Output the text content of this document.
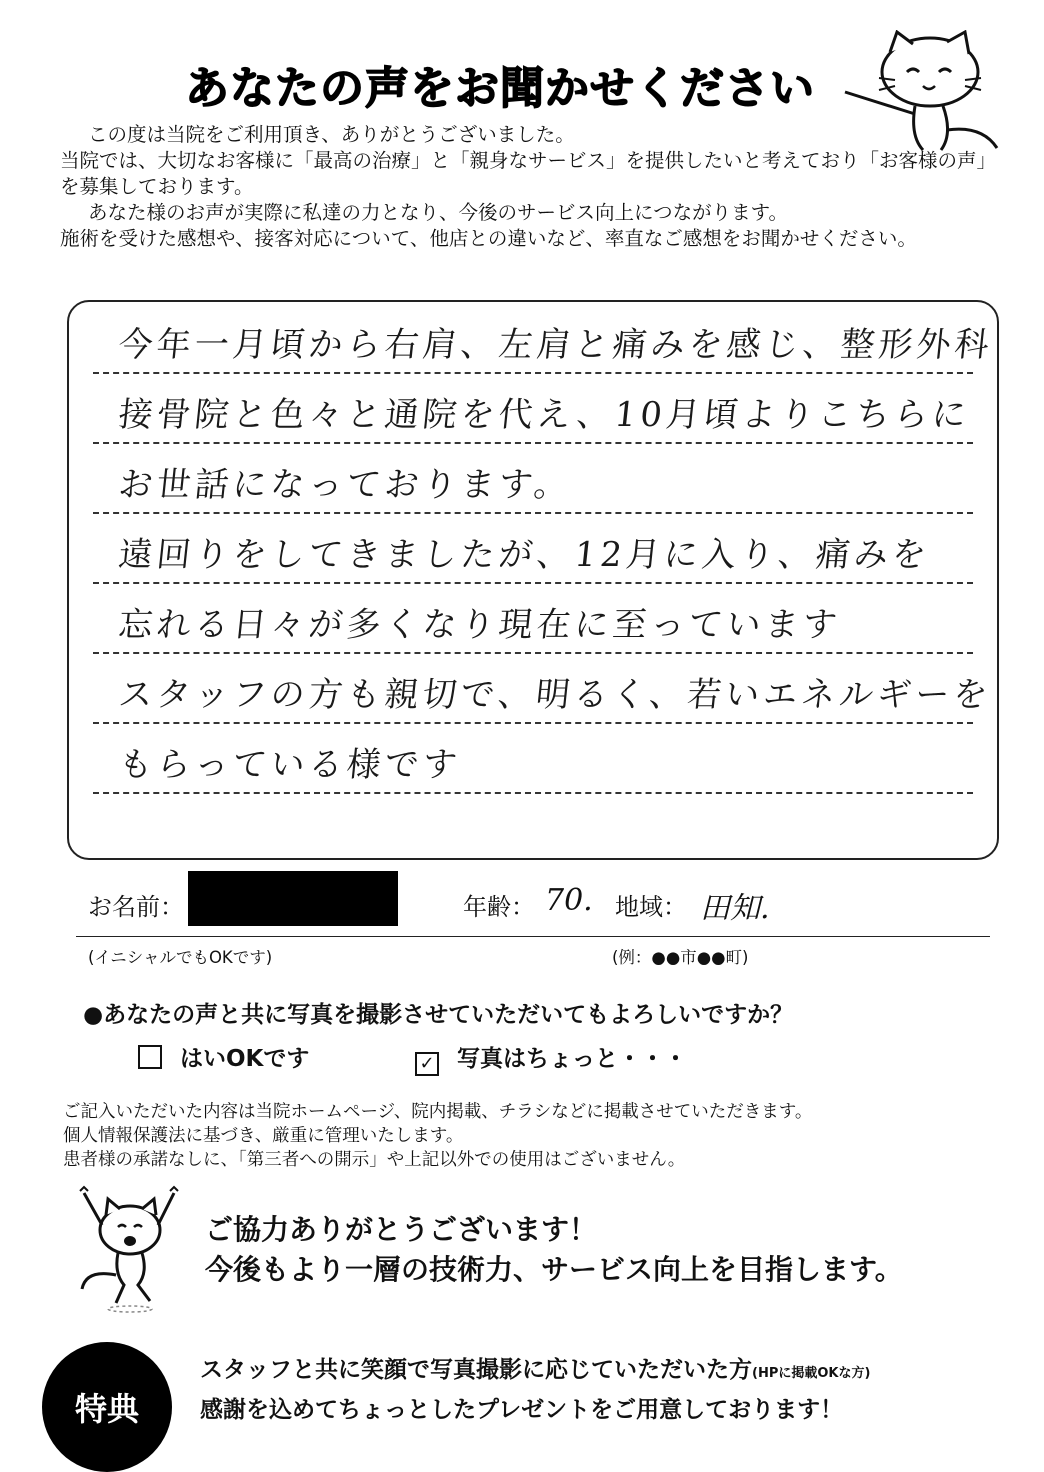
あなたの声をお聞かせください

この度は当院をご利用頂き、ありがとうございました。

当院では、大切なお客様に「最高の治療」と「親身なサービス」を提供したいと考えており「お客様の声」を募集しております。

あなた様のお声が実際に私達の力となり、今後のサービス向上につながります。

施術を受けた感想や、接客対応について、他店との違いなど、率直なご感想をお聞かせください。

今年一月頃から右肩、左肩と痛みを感じ、整形外科
接骨院と色々と通院を代え、10月頃よりこちらに
お世話になっております。
遠回りをしてきましたが、12月に入り、痛みを
忘れる日々が多くなり現在に至っています
スタッフの方も親切で、明るく、若いエネルギーを
もらっている様です
お名前：	年齢： 70. 地域： 田知.
(イニシャルでもOKです)	(例：●●市●●町)
●あなたの声と共に写真を撮影させていただいてもよろしいですか？
はいOKです	✓ 写真はちょっと・・・

ご記入いただいた内容は当院ホームページ、院内掲載、チラシなどに掲載させていただきます。

個人情報保護法に基づき、厳重に管理いたします。

患者様の承諾なしに、「第三者への開示」や上記以外での使用はございません。

ご協力ありがとうございます！

今後もより一層の技術力、サービス向上を目指します。

特典

スタッフと共に笑顔で写真撮影に応じていただいた方(HPに掲載OKな方)

感謝を込めてちょっとしたプレゼントをご用意しております！
